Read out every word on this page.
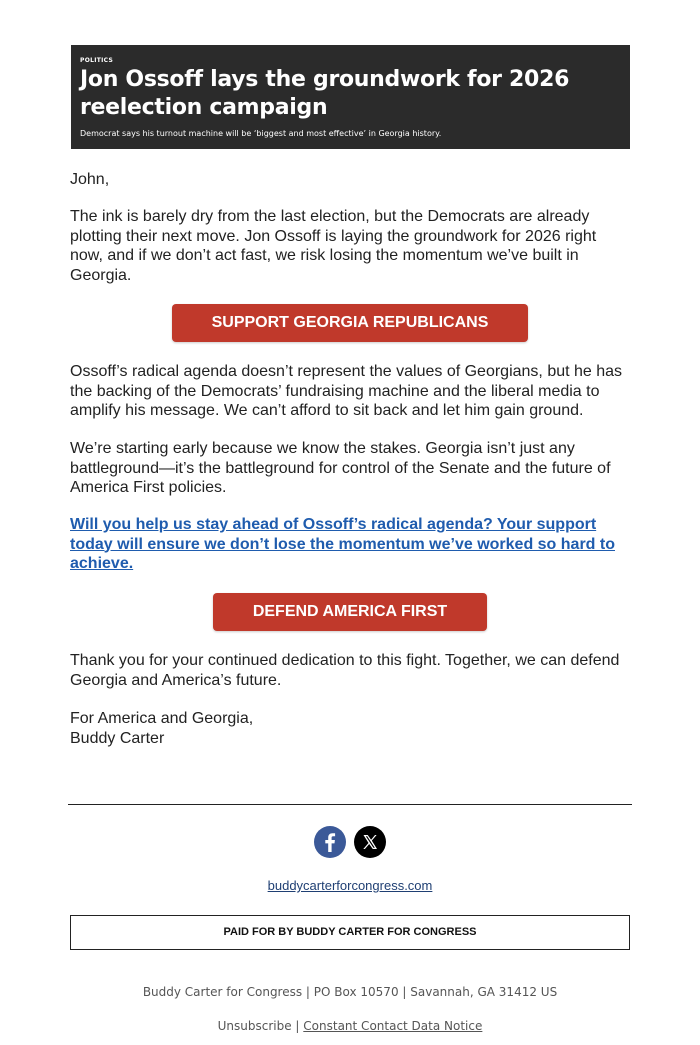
POLITICS
Jon Ossoff lays the groundwork for 2026 reelection campaign
Democrat says his turnout machine will be ‘biggest and most effective’ in Georgia history.

John,

The ink is barely dry from the last election, but the Democrats are already plotting their next move. Jon Ossoff is laying the groundwork for 2026 right now, and if we don’t act fast, we risk losing the momentum we’ve built in Georgia.

SUPPORT GEORGIA REPUBLICANS

Ossoff’s radical agenda doesn’t represent the values of Georgians, but he has the backing of the Democrats’ fundraising machine and the liberal media to amplify his message. We can’t afford to sit back and let him gain ground.

We’re starting early because we know the stakes. Georgia isn’t just any battleground—it’s the battleground for control of the Senate and the future of America First policies.

Will you help us stay ahead of Ossoff’s radical agenda? Your support today will ensure we don’t lose the momentum we’ve worked so hard to achieve.
DEFEND AMERICA FIRST

Thank you for your continued dedication to this fight. Together, we can defend Georgia and America’s future.

For America and Georgia,

Buddy Carter

buddycarterforcongress.com
PAID FOR BY BUDDY CARTER FOR CONGRESS
Buddy Carter for Congress | PO Box 10570 | Savannah, GA 31412 US
Unsubscribe | Constant Contact Data Notice
